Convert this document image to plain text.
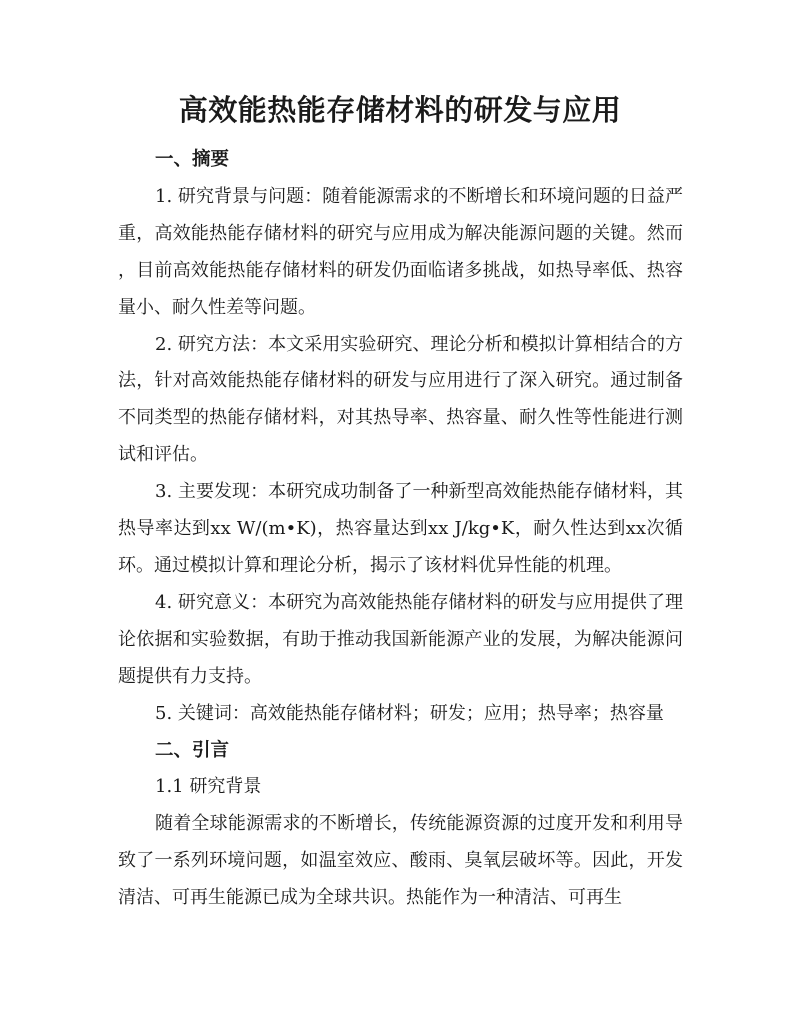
高效能热能存储材料的研发与应用

一、摘要

1. 研究背景与问题：随着能源需求的不断增长和环境问题的日益严重，高效能热能存储材料的研究与应用成为解决能源问题的关键。然而，目前高效能热能存储材料的研发仍面临诸多挑战，如热导率低、热容量小、耐久性差等问题。

2. 研究方法：本文采用实验研究、理论分析和模拟计算相结合的方法，针对高效能热能存储材料的研发与应用进行了深入研究。通过制备不同类型的热能存储材料，对其热导率、热容量、耐久性等性能进行测试和评估。

3. 主要发现：本研究成功制备了一种新型高效能热能存储材料，其热导率达到xx W/(m•K)，热容量达到xx J/kg•K，耐久性达到xx次循环。通过模拟计算和理论分析，揭示了该材料优异性能的机理。

4. 研究意义：本研究为高效能热能存储材料的研发与应用提供了理论依据和实验数据，有助于推动我国新能源产业的发展，为解决能源问题提供有力支持。

5. 关键词：高效能热能存储材料；研发；应用；热导率；热容量

二、引言

1.1 研究背景

随着全球能源需求的不断增长，传统能源资源的过度开发和利用导致了一系列环境问题，如温室效应、酸雨、臭氧层破坏等。因此，开发清洁、可再生能源已成为全球共识。热能作为一种清洁、可再生
